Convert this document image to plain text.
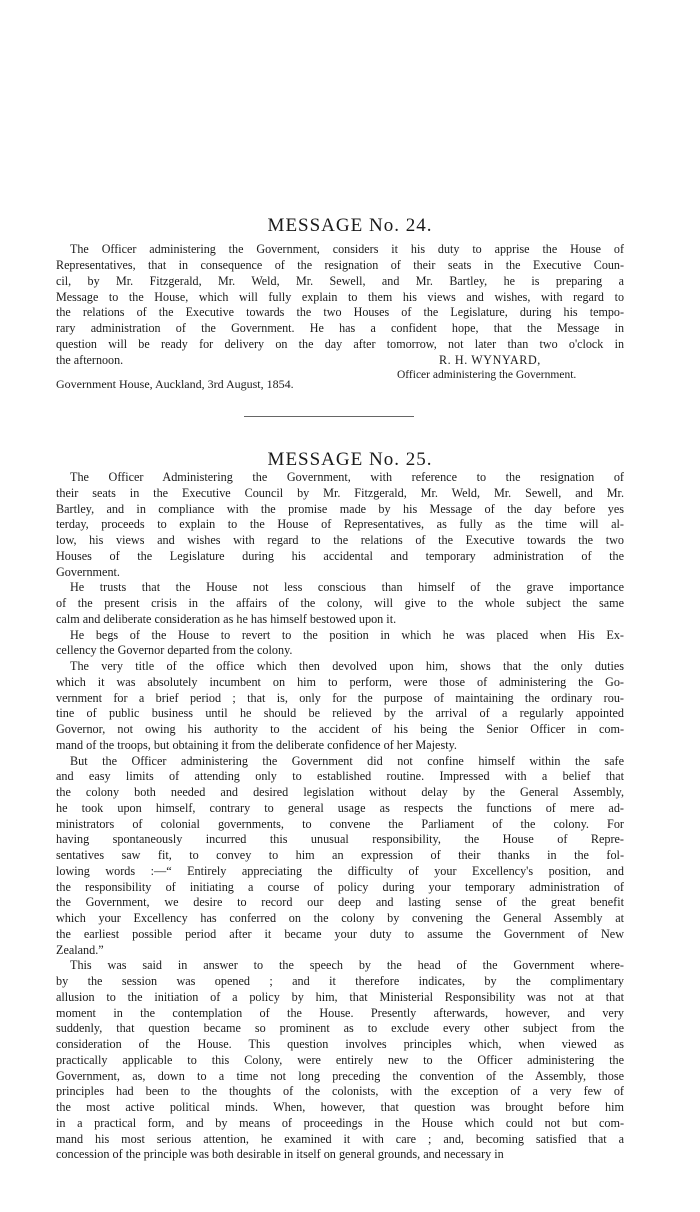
MESSAGE No. 24.
The Officer administering the Government, considers it his duty to apprise the House of
Representatives, that in consequence of the resignation of their seats in the Executive Coun-
cil, by Mr. Fitzgerald, Mr. Weld, Mr. Sewell, and Mr. Bartley, he is preparing a
Message to the House, which will fully explain to them his views and wishes, with regard to
the relations of the Executive towards the two Houses of the Legislature, during his tempo-
rary administration of the Government. He has a confident hope, that the Message in
question will be ready for delivery on the day after tomorrow, not later than two o'clock in
the afternoon.	R. H. WYNYARD,
Officer administering the Government.
Government House, Auckland, 3rd August, 1854.
MESSAGE No. 25.
The Officer Administering the Government, with reference to the resignation of
their seats in the Executive Council by Mr. Fitzgerald, Mr. Weld, Mr. Sewell, and Mr.
Bartley, and in compliance with the promise made by his Message of the day before yes
terday, proceeds to explain to the House of Representatives, as fully as the time will al-
low, his views and wishes with regard to the relations of the Executive towards the two
Houses of the Legislature during his accidental and temporary administration of the
Government.
He trusts that the House not less conscious than himself of the grave importance
of the present crisis in the affairs of the colony, will give to the whole subject the same
calm and deliberate consideration as he has himself bestowed upon it.
He begs of the House to revert to the position in which he was placed when His Ex-
cellency the Governor departed from the colony.
The very title of the office which then devolved upon him, shows that the only duties
which it was absolutely incumbent on him to perform, were those of administering the Go-
vernment for a brief period ; that is, only for the purpose of maintaining the ordinary rou-
tine of public business until he should be relieved by the arrival of a regularly appointed
Governor, not owing his authority to the accident of his being the Senior Officer in com-
mand of the troops, but obtaining it from the deliberate confidence of her Majesty.
But the Officer administering the Government did not confine himself within the safe
and easy limits of attending only to established routine. Impressed with a belief that
the colony both needed and desired legislation without delay by the General Assembly,
he took upon himself, contrary to general usage as respects the functions of mere ad-
ministrators of colonial governments, to convene the Parliament of the colony. For
having spontaneously incurred this unusual responsibility, the House of Repre-
sentatives saw fit, to convey to him an expression of their thanks in the fol-
lowing words :—“ Entirely appreciating the difficulty of your Excellency's position, and
the responsibility of initiating a course of policy during your temporary administration of
the Government, we desire to record our deep and lasting sense of the great benefit
which your Excellency has conferred on the colony by convening the General Assembly at
the earliest possible period after it became your duty to assume the Government of New
Zealand.”
This was said in answer to the speech by the head of the Government where-
by the session was opened ; and it therefore indicates, by the complimentary
allusion to the initiation of a policy by him, that Ministerial Responsibility was not at that
moment in the contemplation of the House. Presently afterwards, however, and very
suddenly, that question became so prominent as to exclude every other subject from the
consideration of the House. This question involves principles which, when viewed as
practically applicable to this Colony, were entirely new to the Officer administering the
Government, as, down to a time not long preceding the convention of the Assembly, those
principles had been to the thoughts of the colonists, with the exception of a very few of
the most active political minds. When, however, that question was brought before him
in a practical form, and by means of proceedings in the House which could not but com-
mand his most serious attention, he examined it with care ; and, becoming satisfied that a
concession of the principle was both desirable in itself on general grounds, and necessary in
